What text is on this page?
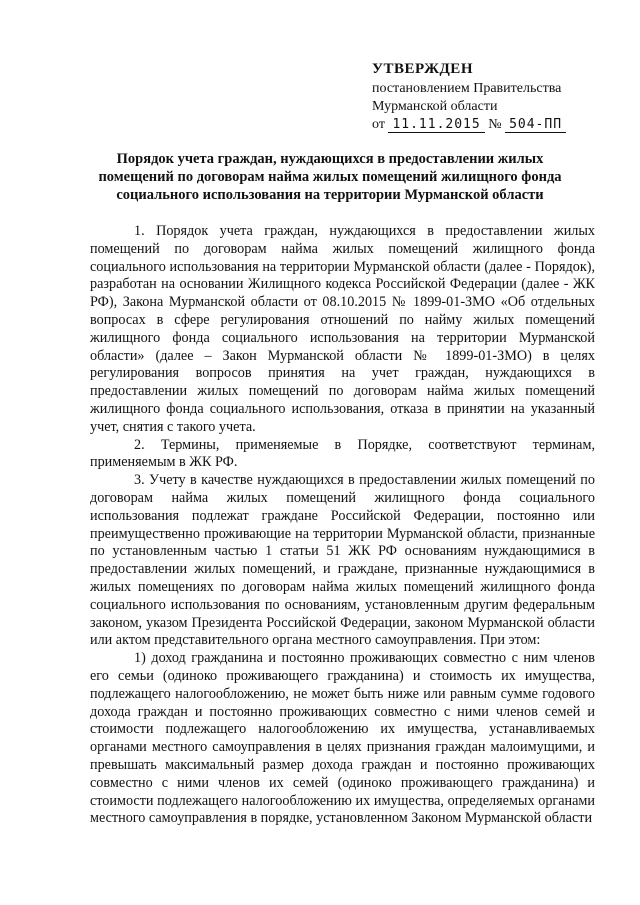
УТВЕРЖДЕН
постановлением Правительства
Мурманской области
от 11.11.2015 № 504-ПП
Порядок учета граждан, нуждающихся в предоставлении жилых помещений по договорам найма жилых помещений жилищного фонда социального использования на территории Мурманской области

1. Порядок учета граждан, нуждающихся в предоставлении жилых помещений по договорам найма жилых помещений жилищного фонда социального использования на территории Мурманской области (далее - Порядок), разработан на основании Жилищного кодекса Российской Федерации (далее - ЖК РФ), Закона Мурманской области от 08.10.2015 № 1899-01-ЗМО «Об отдельных вопросах в сфере регулирования отношений по найму жилых помещений жилищного фонда социального использования на территории Мурманской области» (далее – Закон Мурманской области № 1899-01-ЗМО) в целях регулирования вопросов принятия на учет граждан, нуждающихся в предоставлении жилых помещений по договорам найма жилых помещений жилищного фонда социального использования, отказа в принятии на указанный учет, снятия с такого учета.

2. Термины, применяемые в Порядке, соответствуют терминам, применяемым в ЖК РФ.

3. Учету в качестве нуждающихся в предоставлении жилых помещений по договорам найма жилых помещений жилищного фонда социального использования подлежат граждане Российской Федерации, постоянно или преимущественно проживающие на территории Мурманской области, признанные по установленным частью 1 статьи 51 ЖК РФ основаниям нуждающимися в предоставлении жилых помещений, и граждане, признанные нуждающимися в жилых помещениях по договорам найма жилых помещений жилищного фонда социального использования по основаниям, установленным другим федеральным законом, указом Президента Российской Федерации, законом Мурманской области или актом представительного органа местного самоуправления. При этом:

1) доход гражданина и постоянно проживающих совместно с ним членов его семьи (одиноко проживающего гражданина) и стоимость их имущества, подлежащего налогообложению, не может быть ниже или равным сумме годового дохода граждан и постоянно проживающих совместно с ними членов семей и стоимости подлежащего налогообложению их имущества, устанавливаемых органами местного самоуправления в целях признания граждан малоимущими, и превышать максимальный размер дохода граждан и постоянно проживающих совместно с ними членов их семей (одиноко проживающего гражданина) и стоимости подлежащего налогообложению их имущества, определяемых органами местного самоуправления в порядке, установленном Законом Мурманской области
